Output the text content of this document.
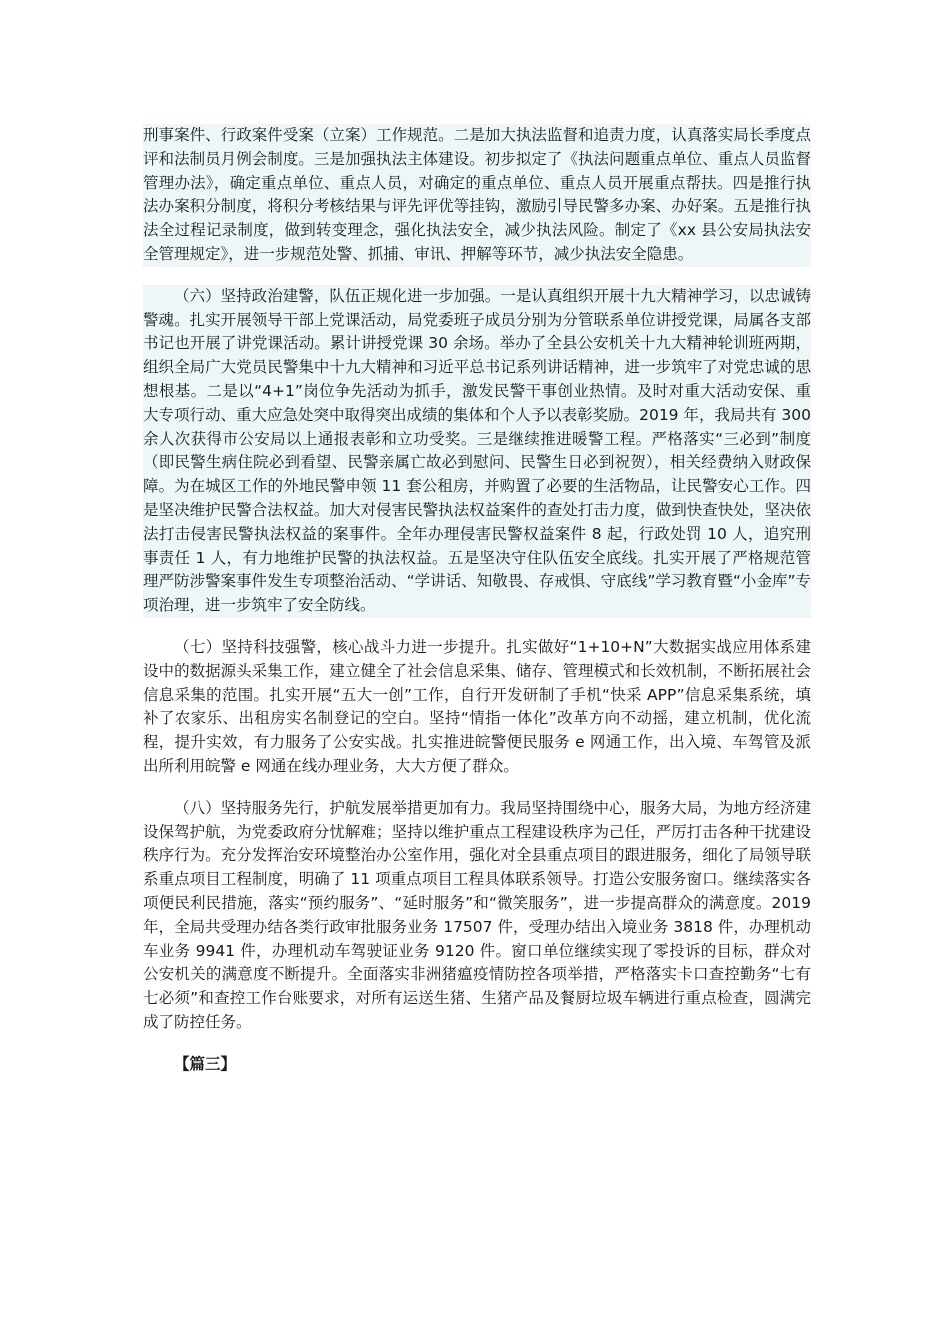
刑事案件、行政案件受案（立案）工作规范。二是加大执法监督和追责力度，认真落实局长季度点评和法制员月例会制度。三是加强执法主体建设。初步拟定了《执法问题重点单位、重点人员监督管理办法》，确定重点单位、重点人员，对确定的重点单位、重点人员开展重点帮扶。四是推行执法办案积分制度，将积分考核结果与评先评优等挂钩，激励引导民警多办案、办好案。五是推行执法全过程记录制度，做到转变理念，强化执法安全，减少执法风险。制定了《xx 县公安局执法安全管理规定》，进一步规范处警、抓捕、审讯、押解等环节，减少执法安全隐患。

（六）坚持政治建警，队伍正规化进一步加强。一是认真组织开展十九大精神学习，以忠诚铸警魂。扎实开展领导干部上党课活动，局党委班子成员分别为分管联系单位讲授党课，局属各支部书记也开展了讲党课活动。累计讲授党课 30 余场。举办了全县公安机关十九大精神轮训班两期，组织全局广大党员民警集中十九大精神和习近平总书记系列讲话精神，进一步筑牢了对党忠诚的思想根基。二是以“4+1”岗位争先活动为抓手，激发民警干事创业热情。及时对重大活动安保、重大专项行动、重大应急处突中取得突出成绩的集体和个人予以表彰奖励。2019 年，我局共有 300 余人次获得市公安局以上通报表彰和立功受奖。三是继续推进暖警工程。严格落实“三必到”制度（即民警生病住院必到看望、民警亲属亡故必到慰问、民警生日必到祝贺），相关经费纳入财政保障。为在城区工作的外地民警申领 11 套公租房，并购置了必要的生活物品，让民警安心工作。四是坚决维护民警合法权益。加大对侵害民警执法权益案件的查处打击力度，做到快查快处，坚决依法打击侵害民警执法权益的案事件。全年办理侵害民警权益案件 8 起，行政处罚 10 人，追究刑事责任 1 人，有力地维护民警的执法权益。五是坚决守住队伍安全底线。扎实开展了严格规范管理严防涉警案事件发生专项整治活动、“学讲话、知敬畏、存戒惧、守底线”学习教育暨“小金库”专项治理，进一步筑牢了安全防线。

（七）坚持科技强警，核心战斗力进一步提升。扎实做好“1+10+N”大数据实战应用体系建设中的数据源头采集工作，建立健全了社会信息采集、储存、管理模式和长效机制，不断拓展社会信息采集的范围。扎实开展“五大一创”工作，自行开发研制了手机“快采 APP”信息采集系统，填补了农家乐、出租房实名制登记的空白。坚持“情指一体化”改革方向不动摇，建立机制，优化流程，提升实效，有力服务了公安实战。扎实推进皖警便民服务 e 网通工作，出入境、车驾管及派出所利用皖警 e 网通在线办理业务，大大方便了群众。

（八）坚持服务先行，护航发展举措更加有力。我局坚持围绕中心，服务大局，为地方经济建设保驾护航，为党委政府分忧解难；坚持以维护重点工程建设秩序为己任，严厉打击各种干扰建设秩序行为。充分发挥治安环境整治办公室作用，强化对全县重点项目的跟进服务，细化了局领导联系重点项目工程制度，明确了 11 项重点项目工程具体联系领导。打造公安服务窗口。继续落实各项便民利民措施，落实“预约服务”、“延时服务”和“微笑服务”，进一步提高群众的满意度。2019 年，全局共受理办结各类行政审批服务业务 17507 件，受理办结出入境业务 3818 件，办理机动车业务 9941 件，办理机动车驾驶证业务 9120 件。窗口单位继续实现了零投诉的目标，群众对公安机关的满意度不断提升。全面落实非洲猪瘟疫情防控各项举措，严格落实卡口查控勤务“七有七必须”和查控工作台账要求，对所有运送生猪、生猪产品及餐厨垃圾车辆进行重点检查，圆满完成了防控任务。

【篇三】
